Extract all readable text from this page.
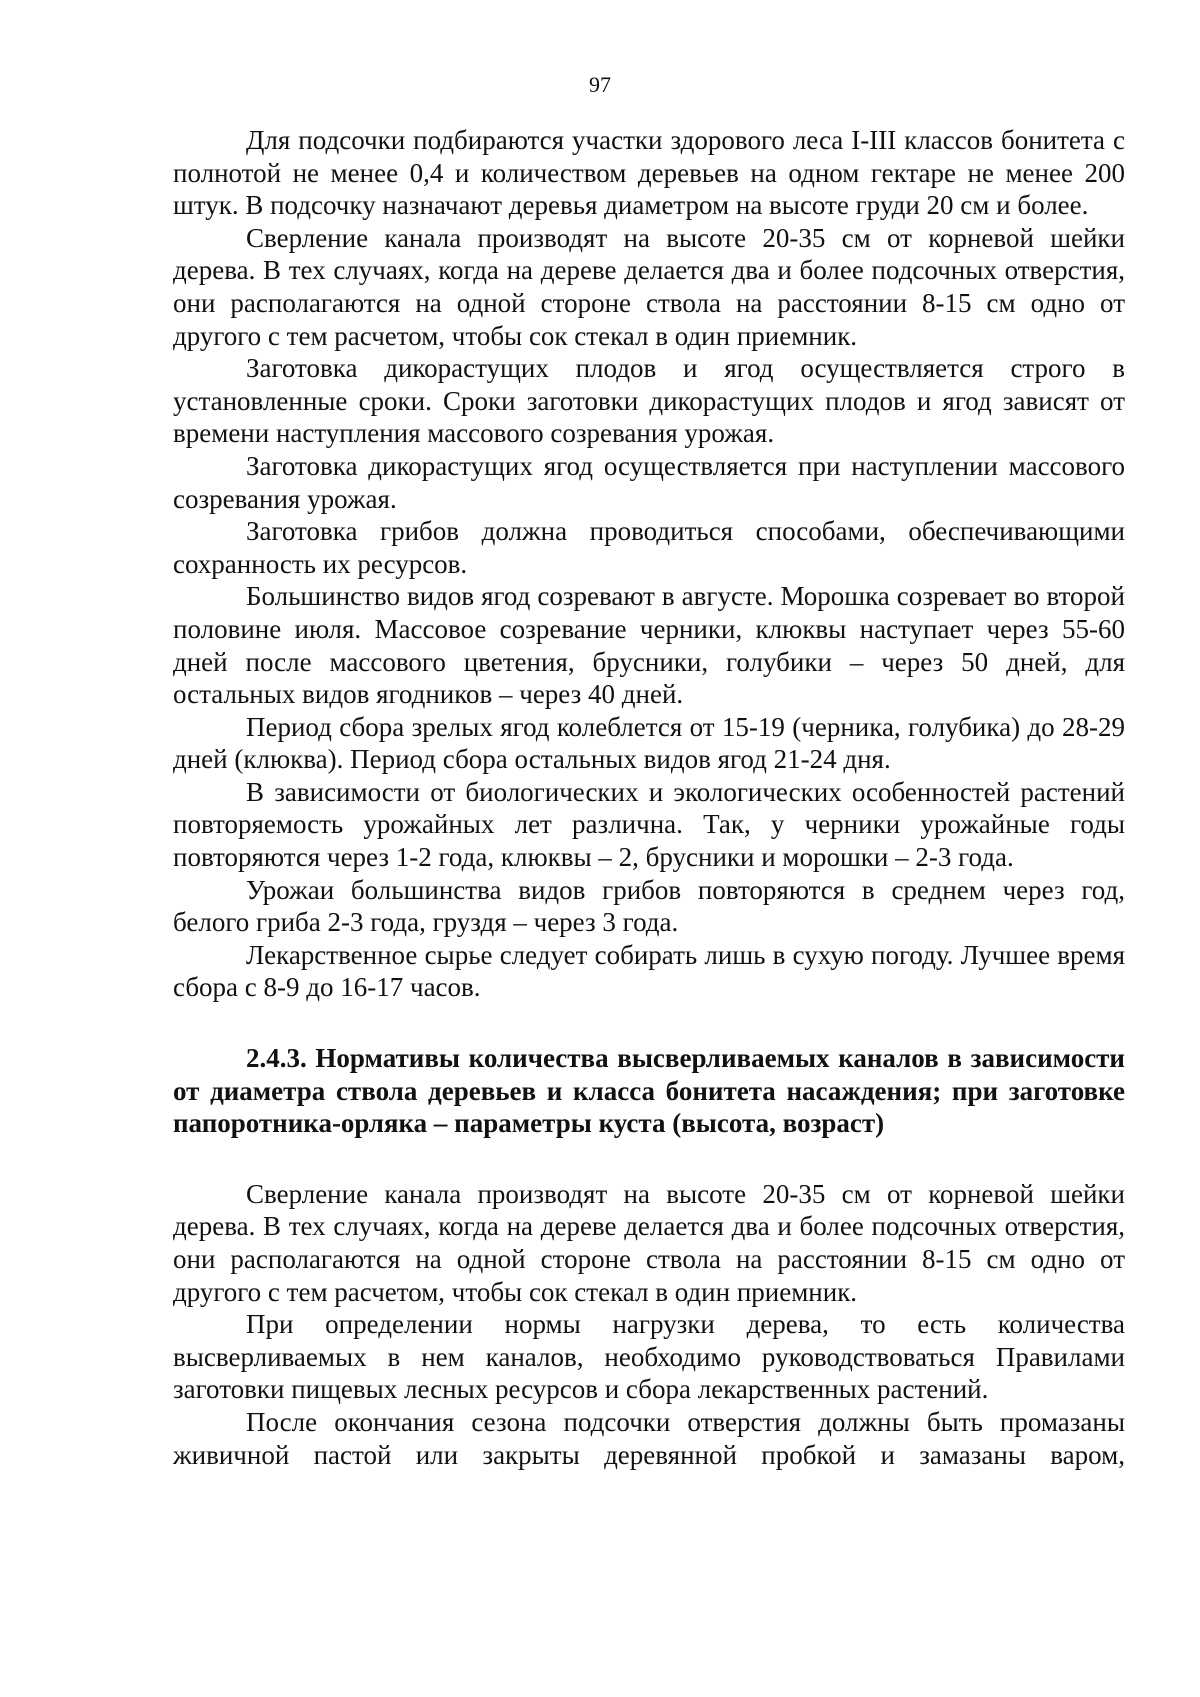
97

Для подсочки подбираются участки здорового леса I-III классов бонитета с полнотой не менее 0,4 и количеством деревьев на одном гектаре не менее 200 штук. В подсочку назначают деревья диаметром на высоте груди 20 см и более.

Сверление канала производят на высоте 20-35 см от корневой шейки дерева. В тех случаях, когда на дереве делается два и более подсочных отверстия, они располагаются на одной стороне ствола на расстоянии 8-15 см одно от другого с тем расчетом, чтобы сок стекал в один приемник.

Заготовка дикорастущих плодов и ягод осуществляется строго в установленные сроки. Сроки заготовки дикорастущих плодов и ягод зависят от времени наступления массового созревания урожая.

Заготовка дикорастущих ягод осуществляется при наступлении массового созревания урожая.

Заготовка грибов должна проводиться способами, обеспечивающими сохранность их ресурсов.

Большинство видов ягод созревают в августе. Морошка созревает во второй половине июля. Массовое созревание черники, клюквы наступает через 55-60 дней после массового цветения, брусники, голубики – через 50 дней, для остальных видов ягодников – через 40 дней.

Период сбора зрелых ягод колеблется от 15-19 (черника, голубика) до 28-29 дней (клюква). Период сбора остальных видов ягод 21-24 дня.

В зависимости от биологических и экологических особенностей растений повторяемость урожайных лет различна. Так, у черники урожайные годы повторяются через 1-2 года, клюквы – 2, брусники и морошки – 2-3 года.

Урожаи большинства видов грибов повторяются в среднем через год, белого гриба 2-3 года, груздя – через 3 года.

Лекарственное сырье следует собирать лишь в сухую погоду. Лучшее время сбора с 8-9 до 16-17 часов.

2.4.3. Нормативы количества высверливаемых каналов в зависимости от диаметра ствола деревьев и класса бонитета насаждения; при заготовке папоротника-орляка – параметры куста (высота, возраст)

Сверление канала производят на высоте 20-35 см от корневой шейки дерева. В тех случаях, когда на дереве делается два и более подсочных отверстия, они располагаются на одной стороне ствола на расстоянии 8-15 см одно от другого с тем расчетом, чтобы сок стекал в один приемник.

При определении нормы нагрузки дерева, то есть количества высверливаемых в нем каналов, необходимо руководствоваться Правилами заготовки пищевых лесных ресурсов и сбора лекарственных растений.

После окончания сезона подсочки отверстия должны быть промазаны живичной пастой или закрыты деревянной пробкой и замазаны варом,
